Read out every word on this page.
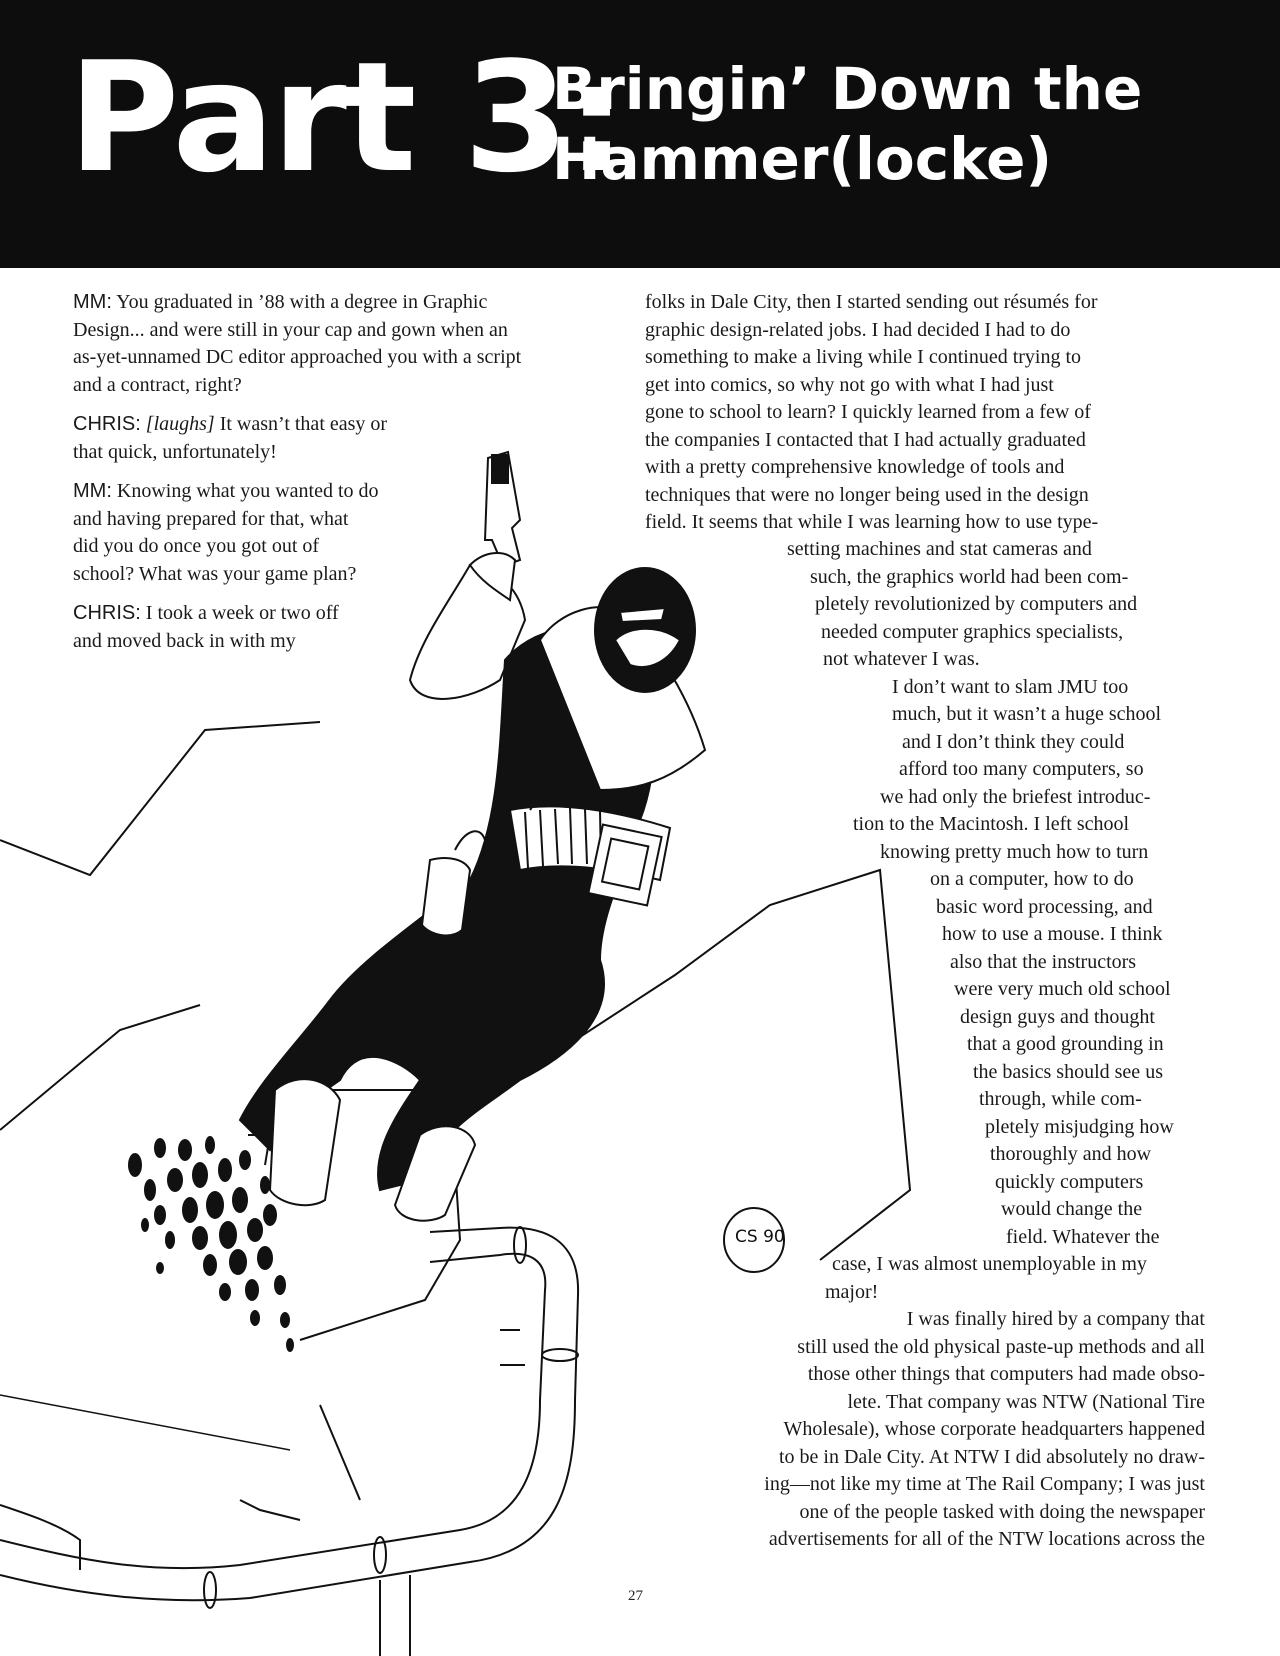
Part 3:
Bringin’ Down the
Hammer(locke)
CS 90

MM: You graduated in ’88 with a degree in Graphic

Design... and were still in your cap and gown when an

as-yet-unnamed DC editor approached you with a script

and a contract, right?

CHRIS: [laughs] It wasn’t that easy or

that quick, unfortunately!

MM: Knowing what you wanted to do

and having prepared for that, what

did you do once you got out of

school? What was your game plan?

CHRIS: I took a week or two off

and moved back in with my

folks in Dale City, then I started sending out résumés for

graphic design-related jobs. I had decided I had to do

something to make a living while I continued trying to

get into comics, so why not go with what I had just

gone to school to learn? I quickly learned from a few of

the companies I contacted that I had actually graduated

with a pretty comprehensive knowledge of tools and

techniques that were no longer being used in the design

field. It seems that while I was learning how to use type-

setting machines and stat cameras and

such, the graphics world had been com-

pletely revolutionized by computers and

needed computer graphics specialists,

not whatever I was.

I don’t want to slam JMU too

much, but it wasn’t a huge school

and I don’t think they could

afford too many computers, so

we had only the briefest introduc-

tion to the Macintosh. I left school

knowing pretty much how to turn

on a computer, how to do

basic word processing, and

how to use a mouse. I think

also that the instructors

were very much old school

design guys and thought

that a good grounding in

the basics should see us

through, while com-

pletely misjudging how

thoroughly and how

quickly computers

would change the

field. Whatever the

case, I was almost unemployable in my

major!

I was finally hired by a company that

still used the old physical paste-up methods and all

those other things that computers had made obso-

lete. That company was NTW (National Tire

Wholesale), whose corporate headquarters happened

to be in Dale City. At NTW I did absolutely no draw-

ing—not like my time at The Rail Company; I was just

one of the people tasked with doing the newspaper

advertisements for all of the NTW locations across the

27
